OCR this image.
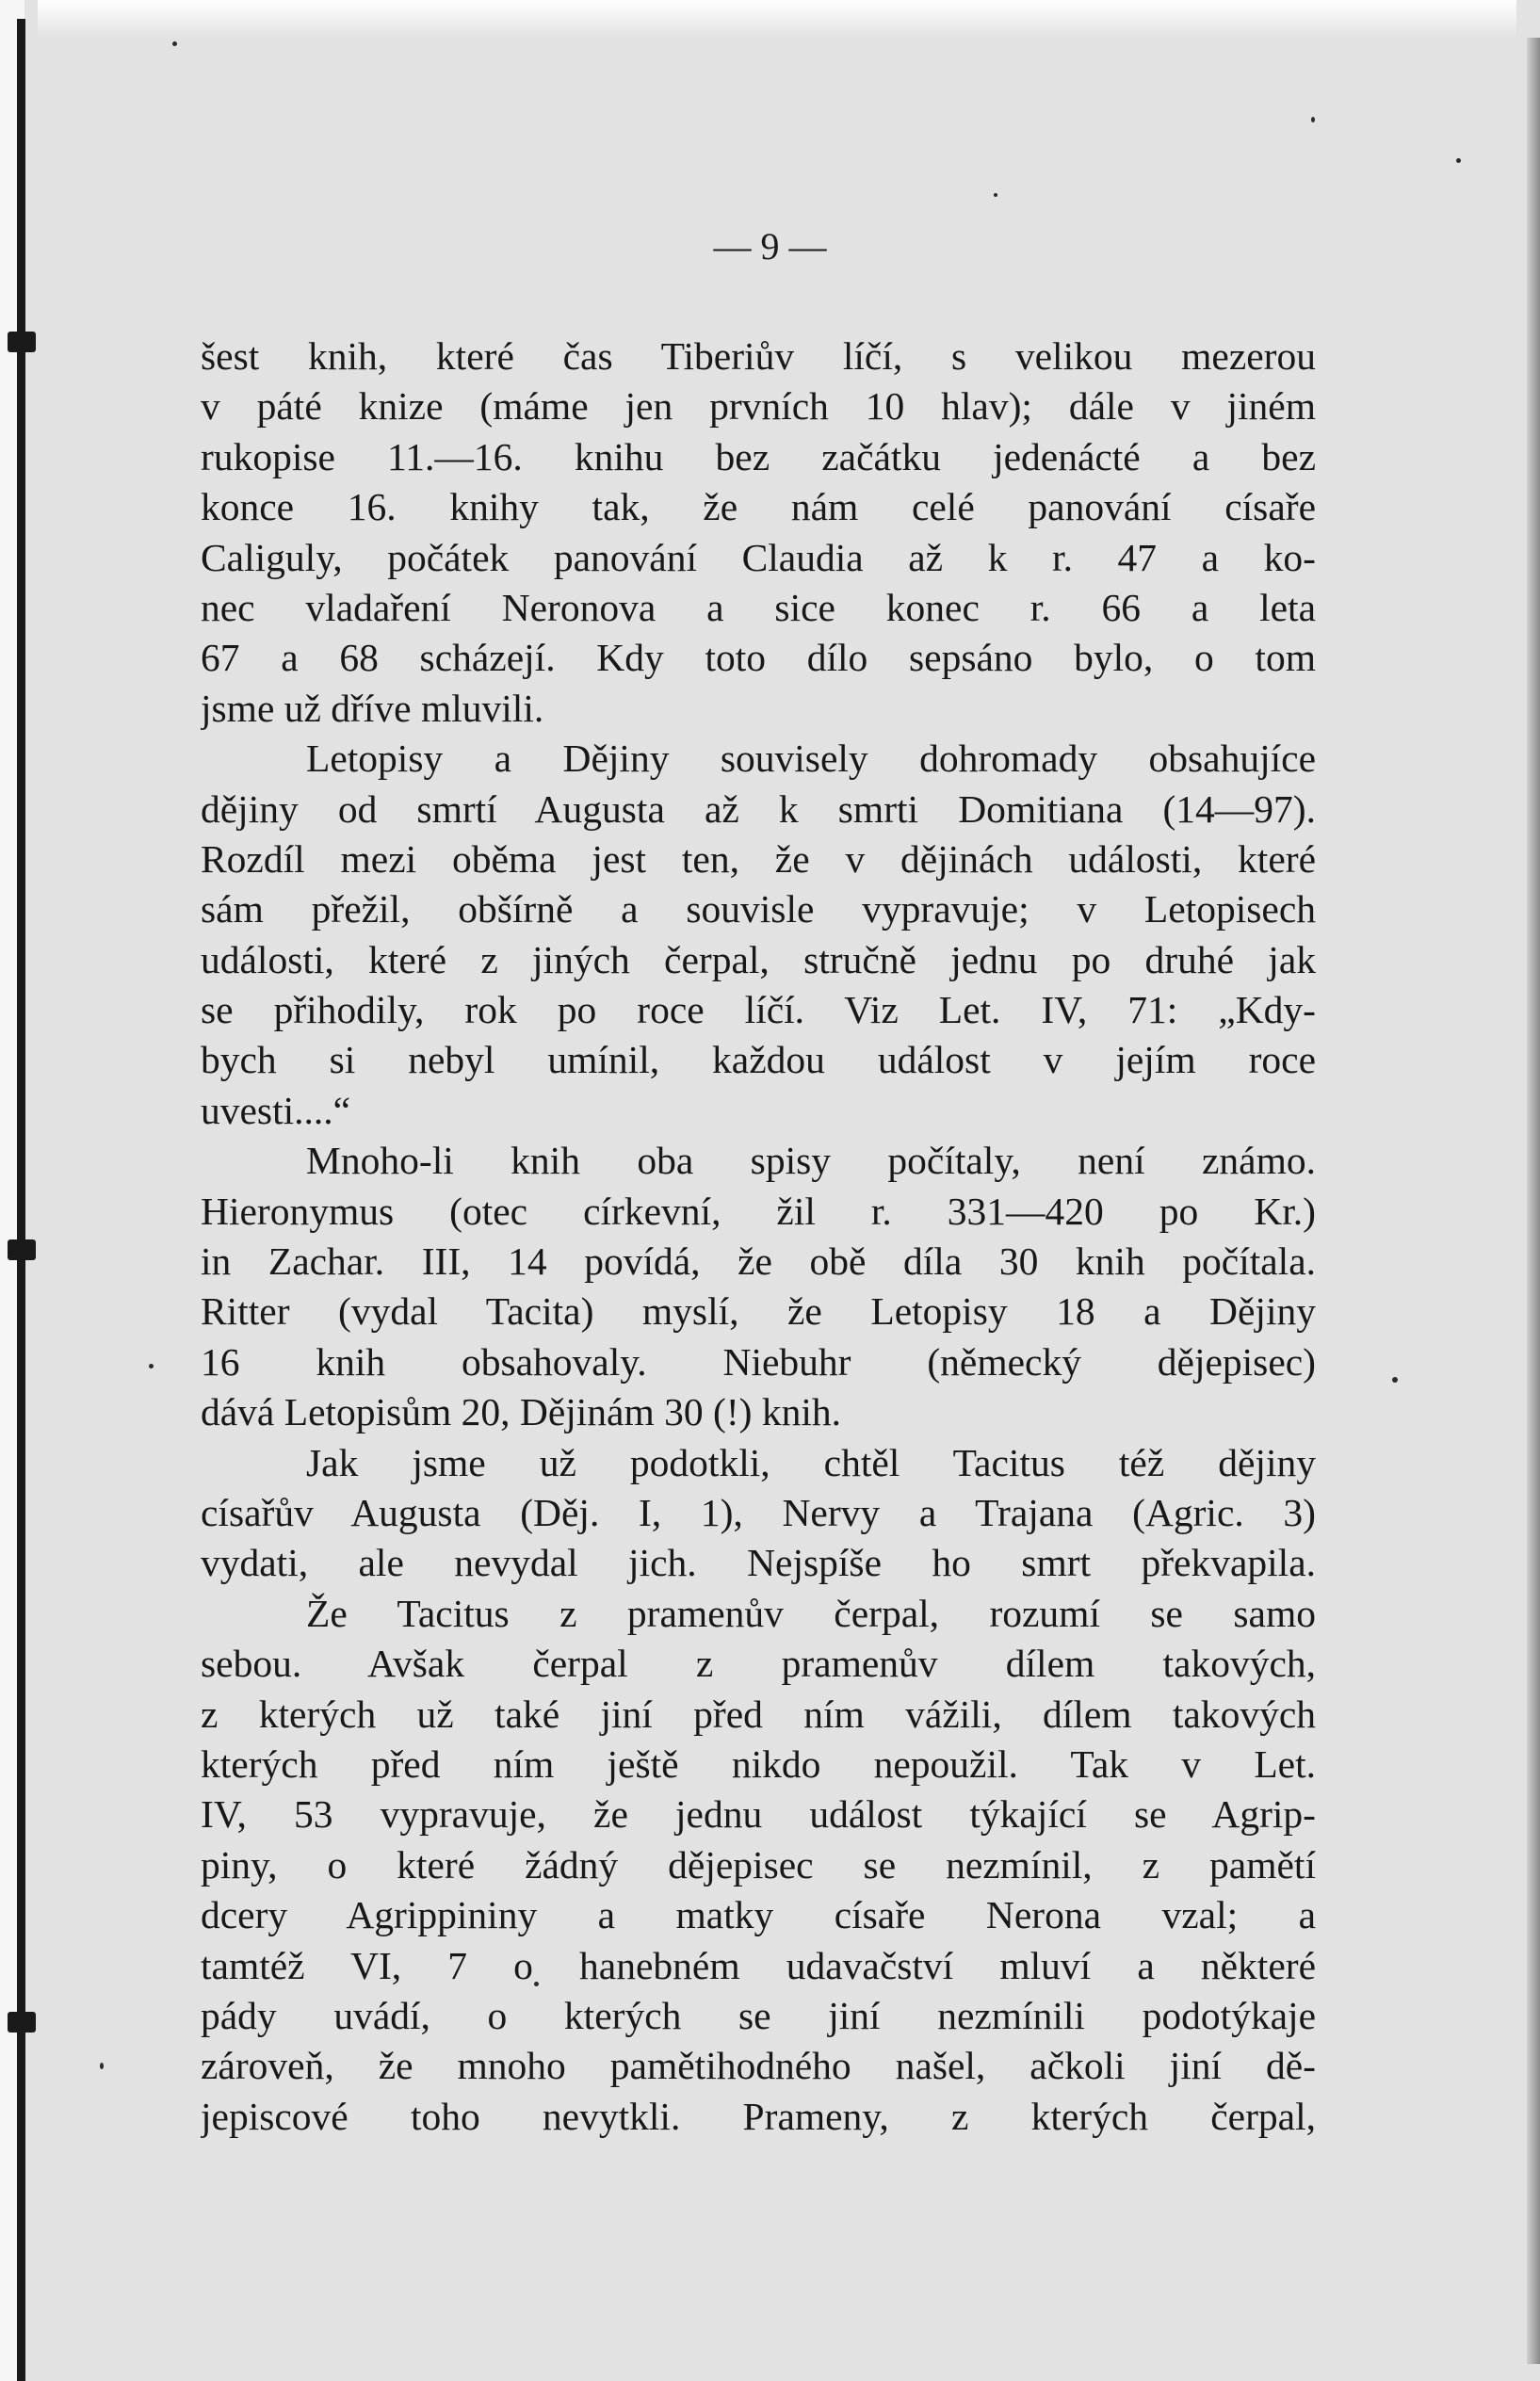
— 9 —
šest knih, které čas Tiberiův líčí, s velikou mezerou
v páté knize (máme jen prvních 10 hlav); dále v jiném
rukopise 11.—16. knihu bez začátku jedenácté a bez
konce 16. knihy tak, že nám celé panování císaře
Caliguly, počátek panování Claudia až k r. 47 a ko-
nec vladaření Neronova a sice konec r. 66 a leta
67 a 68 scházejí. Kdy toto dílo sepsáno bylo, o tom
jsme už dříve mluvili.
Letopisy a Dějiny souvisely dohromady obsahujíce
dějiny od smrtí Augusta až k smrti Domitiana (14—97).
Rozdíl mezi oběma jest ten, že v dějinách události, které
sám přežil, obšírně a souvisle vypravuje; v Letopisech
události, které z jiných čerpal, stručně jednu po druhé jak
se přihodily, rok po roce líčí. Viz Let. IV, 71: „Kdy-
bych si nebyl umínil, každou událost v jejím roce
uvesti....“
Mnoho-li knih oba spisy počítaly, není známo.
Hieronymus (otec církevní, žil r. 331—420 po Kr.)
in Zachar. III, 14 povídá, že obě díla 30 knih počítala.
Ritter (vydal Tacita) myslí, že Letopisy 18 a Dějiny
16 knih obsahovaly. Niebuhr (německý dějepisec)
dává Letopisům 20, Dějinám 30 (!) knih.
Jak jsme už podotkli, chtěl Tacitus též dějiny
císařův Augusta (Děj. I, 1), Nervy a Trajana (Agric. 3)
vydati, ale nevydal jich. Nejspíše ho smrt překvapila.
Že Tacitus z pramenův čerpal, rozumí se samo
sebou. Avšak čerpal z pramenův dílem takových,
z kterých už také jiní před ním vážili, dílem takových
kterých před ním ještě nikdo nepoužil. Tak v Let.
IV, 53 vypravuje, že jednu událost týkající se Agrip-
piny, o které žádný dějepisec se nezmínil, z pamětí
dcery Agrippininy a matky císaře Nerona vzal; a
tamtéž VI, 7 o hanebném udavačství mluví a některé
pády uvádí, o kterých se jiní nezmínili podotýkaje
zároveň, že mnoho pamětihodného našel, ačkoli jiní dě-
jepiscové toho nevytkli. Prameny, z kterých čerpal,
